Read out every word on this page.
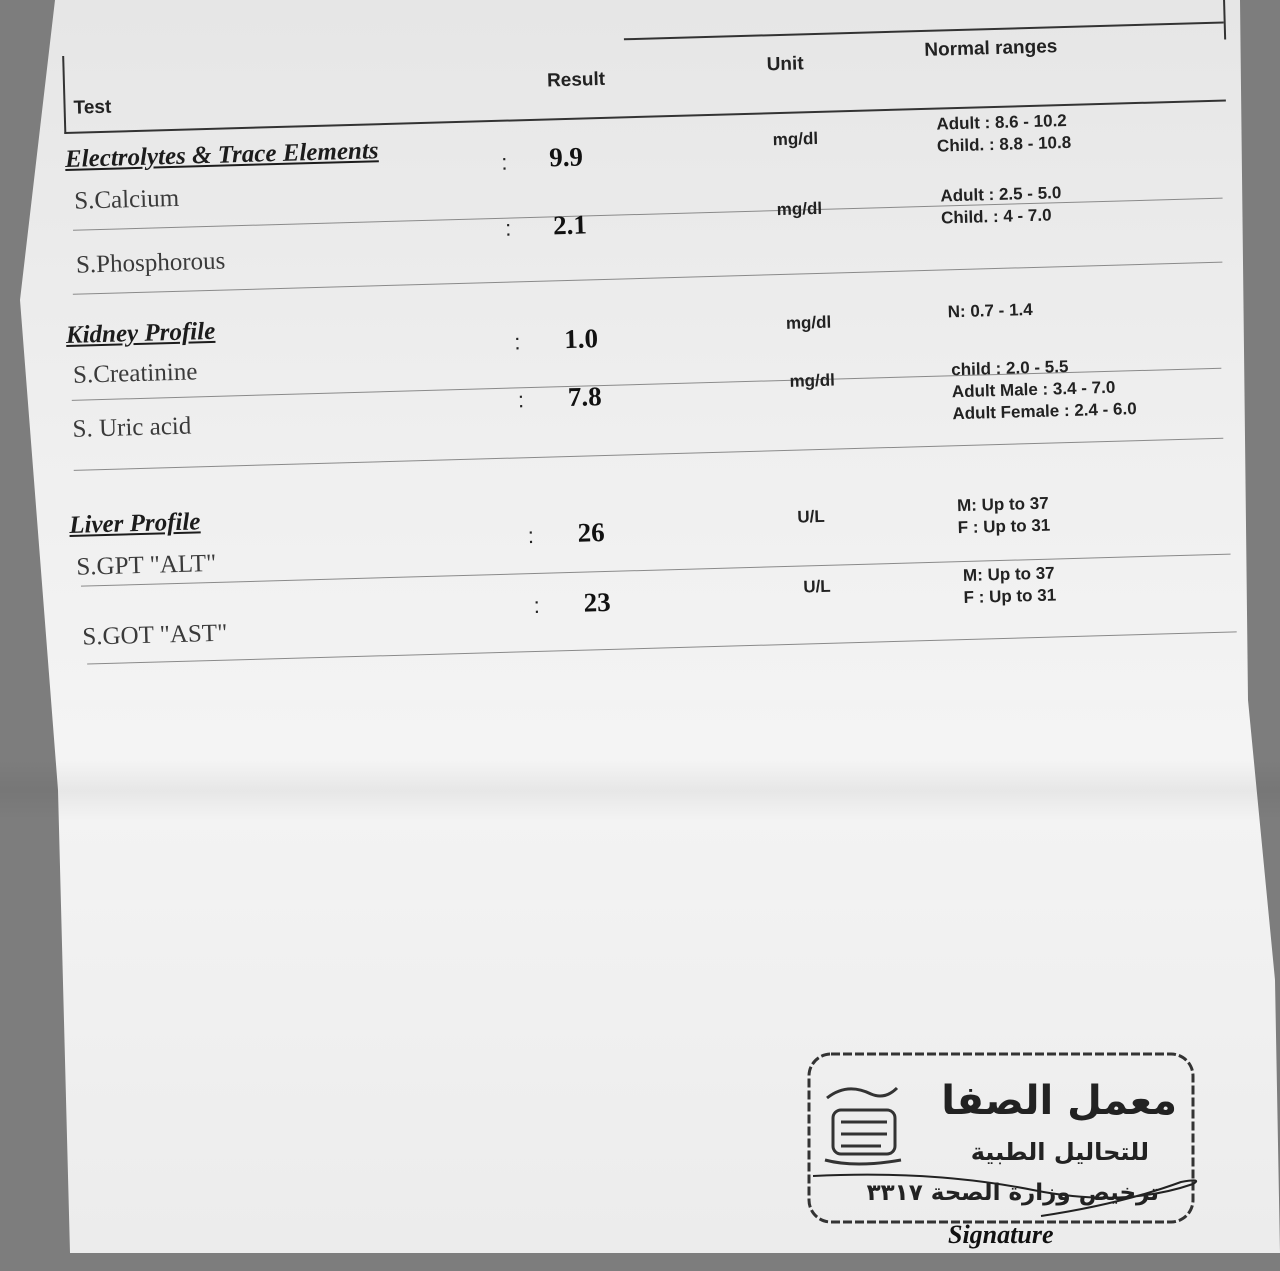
Test
Result
Unit
Normal ranges
Electrolytes & Trace Elements
S.Calcium
: 9.9
mg/dl
Adult : 8.6 - 10.2
Child. : 8.8 - 10.8
S.Phosphorous
: 2.1
mg/dl
Adult : 2.5 - 5.0
Child. : 4 - 7.0
Kidney Profile
S.Creatinine
: 1.0
mg/dl
N: 0.7 - 1.4
S. Uric acid
: 7.8
mg/dl
child : 2.0 - 5.5
Adult Male : 3.4 - 7.0
Adult Female : 2.4 - 6.0
Liver Profile
S.GPT "ALT"
: 26
U/L
M: Up to 37
F : Up to 31
S.GOT "AST"
: 23
U/L
M: Up to 37
F : Up to 31
معمل الصفا
للتحاليل الطبية
ترخيص وزارة الصحة ٣٣١٧
Signature
